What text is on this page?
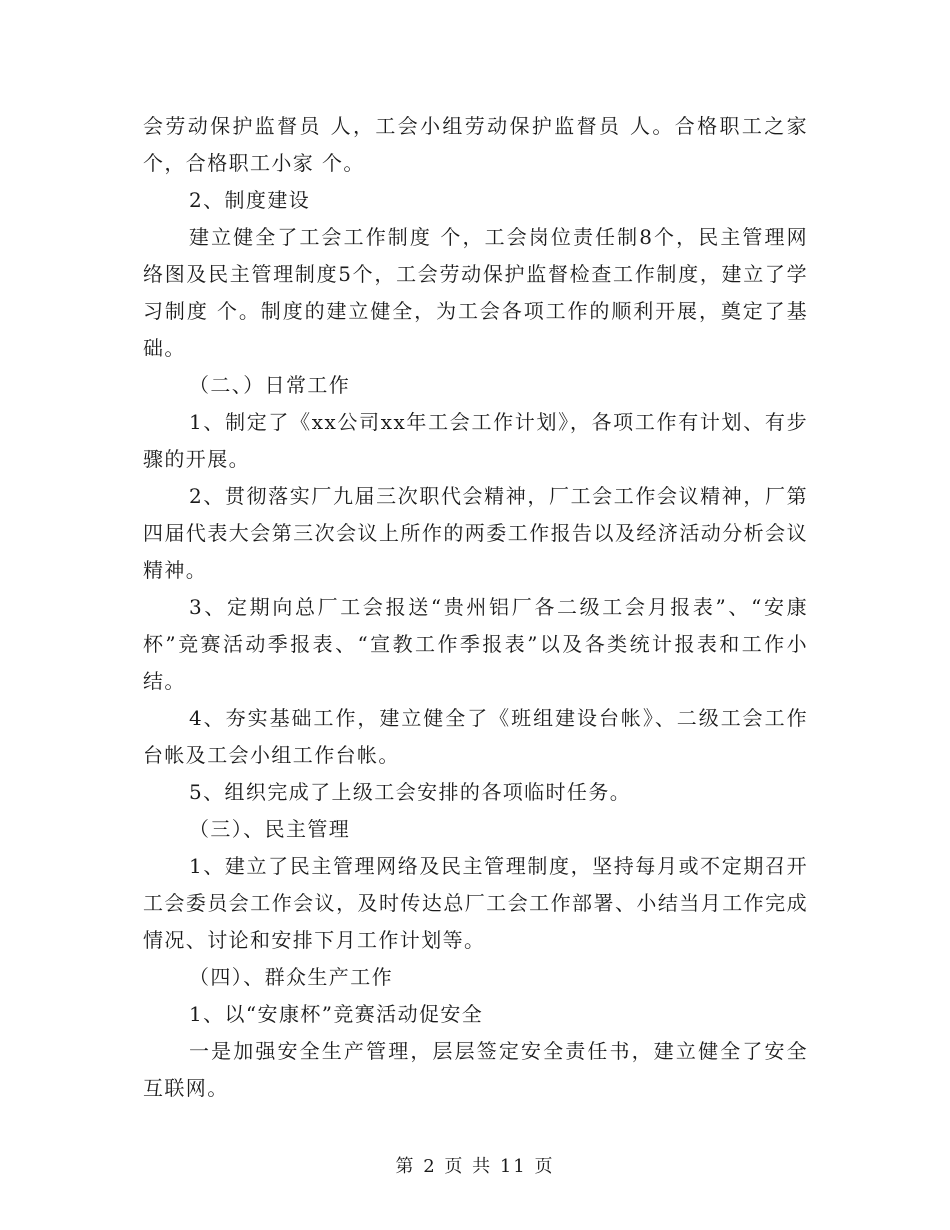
会劳动保护监督员 人，工会小组劳动保护监督员 人。合格职工之家个，合格职工小家 个。

2、制度建设

建立健全了工会工作制度 个，工会岗位责任制8个，民主管理网络图及民主管理制度5个，工会劳动保护监督检查工作制度，建立了学习制度 个。制度的建立健全，为工会各项工作的顺利开展，奠定了基础。

（二、）日常工作

1、制定了《xx公司xx年工会工作计划》，各项工作有计划、有步骤的开展。

2、贯彻落实厂九届三次职代会精神，厂工会工作会议精神，厂第四届代表大会第三次会议上所作的两委工作报告以及经济活动分析会议精神。

3、定期向总厂工会报送“贵州铝厂各二级工会月报表”、“安康杯”竞赛活动季报表、“宣教工作季报表”以及各类统计报表和工作小结。

4、夯实基础工作，建立健全了《班组建设台帐》、二级工会工作台帐及工会小组工作台帐。

5、组织完成了上级工会安排的各项临时任务。

（三）、民主管理

1、建立了民主管理网络及民主管理制度，坚持每月或不定期召开工会委员会工作会议，及时传达总厂工会工作部署、小结当月工作完成情况、讨论和安排下月工作计划等。

（四）、群众生产工作

1、以“安康杯”竞赛活动促安全

一是加强安全生产管理，层层签定安全责任书，建立健全了安全互联网。

第 2 页 共 11 页
